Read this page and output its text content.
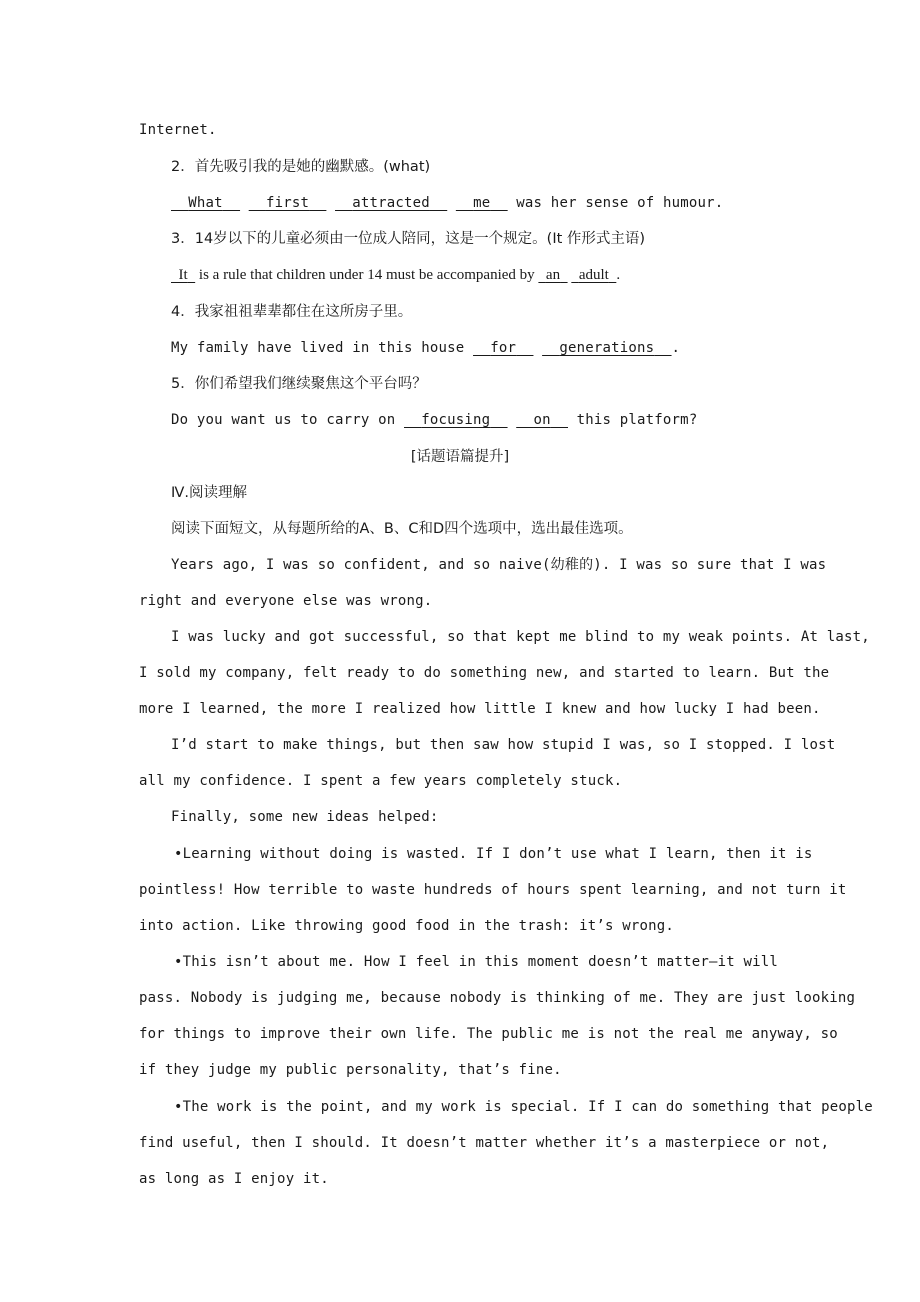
Internet.
2．首先吸引我的是她的幽默感。(what)
What	first	attracted	me was her sense of humour.
3．14岁以下的儿童必须由一位成人陪同，这是一个规定。(It 作形式主语)
It is a rule that children under 14 must be accompanied by an adult .
4．我家祖祖辈辈都住在这所房子里。
My family have lived in this house for	generations .
5．你们希望我们继续聚焦这个平台吗？
Do you want us to carry on focusing	on this platform?
[话题语篇提升]
Ⅳ.阅读理解
阅读下面短文，从每题所给的A、B、C和D四个选项中，选出最佳选项。
Years ago, I was so confident, and so naive(幼稚的). I was so sure that I was
right and everyone else was wrong.
I was lucky and got successful, so that kept me blind to my weak points. At last,
I sold my company, felt ready to do something new, and started to learn. But the
more I learned, the more I realized how little I knew and how lucky I had been.
I’d start to make things, but then saw how stupid I was, so I stopped. I lost
all my confidence. I spent a few years completely stuck.
Finally, some new ideas helped:
•Learning without doing is wasted. If I don’t use what I learn, then it is
pointless! How terrible to waste hundreds of hours spent learning, and not turn it
into action. Like throwing good food in the trash: it’s wrong.
•This isn’t about me. How I feel in this moment doesn’t matter—it will
pass. Nobody is judging me, because nobody is thinking of me. They are just looking
for things to improve their own life. The public me is not the real me anyway, so
if they judge my public personality, that’s fine.
•The work is the point, and my work is special. If I can do something that people
find useful, then I should. It doesn’t matter whether it’s a masterpiece or not,
as long as I enjoy it.
